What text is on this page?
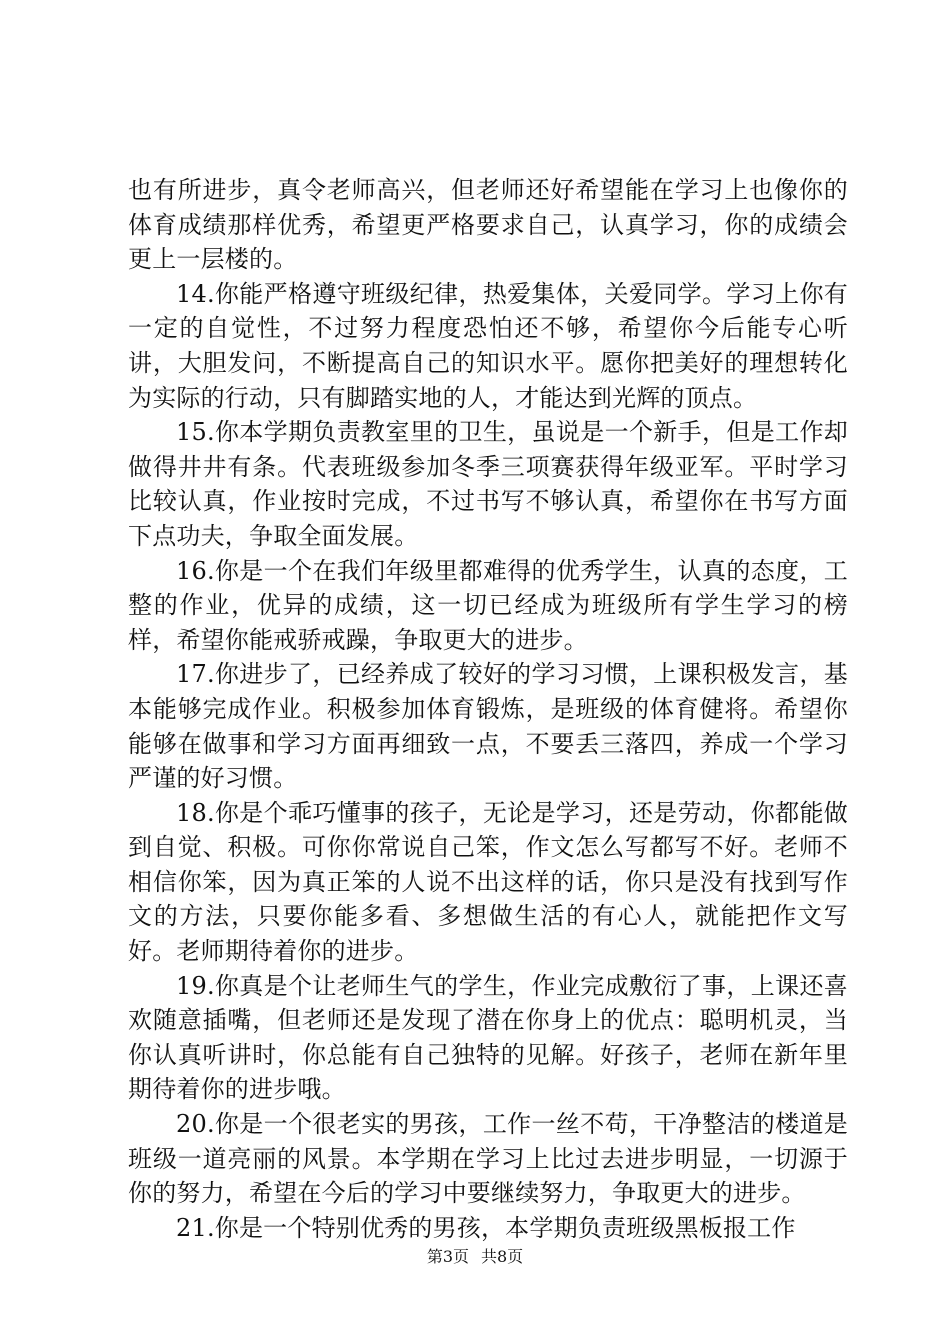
也有所进步，真令老师高兴，但老师还好希望能在学习上也像你的体育成绩那样优秀，希望更严格要求自己，认真学习，你的成绩会更上一层楼的。

14.你能严格遵守班级纪律，热爱集体，关爱同学。学习上你有一定的自觉性，不过努力程度恐怕还不够，希望你今后能专心听讲，大胆发问，不断提高自己的知识水平。愿你把美好的理想转化为实际的行动，只有脚踏实地的人，才能达到光辉的顶点。

15.你本学期负责教室里的卫生，虽说是一个新手，但是工作却做得井井有条。代表班级参加冬季三项赛获得年级亚军。平时学习比较认真，作业按时完成，不过书写不够认真，希望你在书写方面下点功夫，争取全面发展。

16.你是一个在我们年级里都难得的优秀学生，认真的态度，工整的作业，优异的成绩，这一切已经成为班级所有学生学习的榜样，希望你能戒骄戒躁，争取更大的进步。

17.你进步了，已经养成了较好的学习习惯，上课积极发言，基本能够完成作业。积极参加体育锻炼，是班级的体育健将。希望你能够在做事和学习方面再细致一点，不要丢三落四，养成一个学习严谨的好习惯。

18.你是个乖巧懂事的孩子，无论是学习，还是劳动，你都能做到自觉、积极。可你你常说自己笨，作文怎么写都写不好。老师不相信你笨，因为真正笨的人说不出这样的话，你只是没有找到写作文的方法，只要你能多看、多想做生活的有心人，就能把作文写好。老师期待着你的进步。

19.你真是个让老师生气的学生，作业完成敷衍了事，上课还喜欢随意插嘴，但老师还是发现了潜在你身上的优点：聪明机灵，当你认真听讲时，你总能有自己独特的见解。好孩子，老师在新年里期待着你的进步哦。

20.你是一个很老实的男孩，工作一丝不苟，干净整洁的楼道是班级一道亮丽的风景。本学期在学习上比过去进步明显，一切源于你的努力，希望在今后的学习中要继续努力，争取更大的进步。

21.你是一个特别优秀的男孩，本学期负责班级黑板报工作

第3页 共8页
